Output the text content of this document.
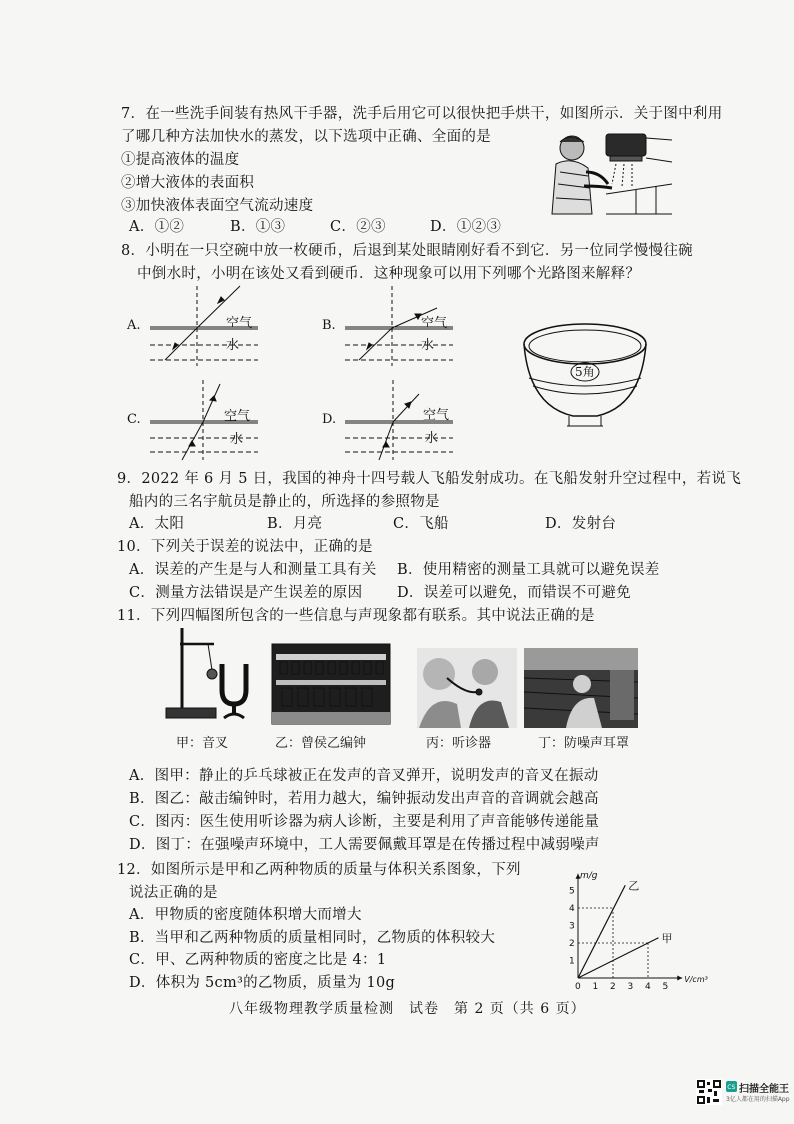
7．在一些洗手间装有热风干手器，洗手后用它可以很快把手烘干，如图所示．关于图中利用
了哪几种方法加快水的蒸发，以下选项中正确、全面的是
①提高液体的温度
②增大液体的表面积
③加快液体表面空气流动速度
A．①②	B．①③	C．②③	D．①②③
8．小明在一只空碗中放一枚硬币，后退到某处眼睛刚好看不到它．另一位同学慢慢往碗
中倒水时，小明在该处又看到硬币．这种现象可以用下列哪个光路图来解释？
A.	空气
水
B.	空气
水
C.	空气
水
D.	空气
水
5角
9．2022 年 6 月 5 日，我国的神舟十四号载人飞船发射成功。在飞船发射升空过程中，若说飞
船内的三名宇航员是静止的，所选择的参照物是
A．太阳	B．月亮	C．飞船	D．发射台
10．下列关于误差的说法中，正确的是
A．误差的产生是与人和测量工具有关 B．使用精密的测量工具就可以避免误差
C．测量方法错误是产生误差的原因 D．误差可以避免，而错误不可避免
11．下列四幅图所包含的一些信息与声现象都有联系。其中说法正确的是
甲：音叉	乙：曾侯乙编钟	丙：听诊器	丁：防噪声耳罩
A．图甲：静止的乒乓球被正在发声的音叉弹开，说明发声的音叉在振动
B．图乙：敲击编钟时，若用力越大，编钟振动发出声音的音调就会越高
C．图丙：医生使用听诊器为病人诊断，主要是利用了声音能够传递能量
D．图丁：在强噪声环境中，工人需要佩戴耳罩是在传播过程中减弱噪声
12．如图所示是甲和乙两种物质的质量与体积关系图象，下列
说法正确的是
A．甲物质的密度随体积增大而增大
B．当甲和乙两种物质的质量相同时，乙物质的体积较大
C．甲、乙两种物质的密度之比是 4：1
D．体积为 5cm³的乙物质，质量为 10g	0 1 2 3 4 5
1
2
3
4
5
m/g
V/cm³
乙
甲
八年级物理教学质量检测　试卷　第 2 页（共 6 页）
CS 扫描全能王
3亿人都在用的扫描App
